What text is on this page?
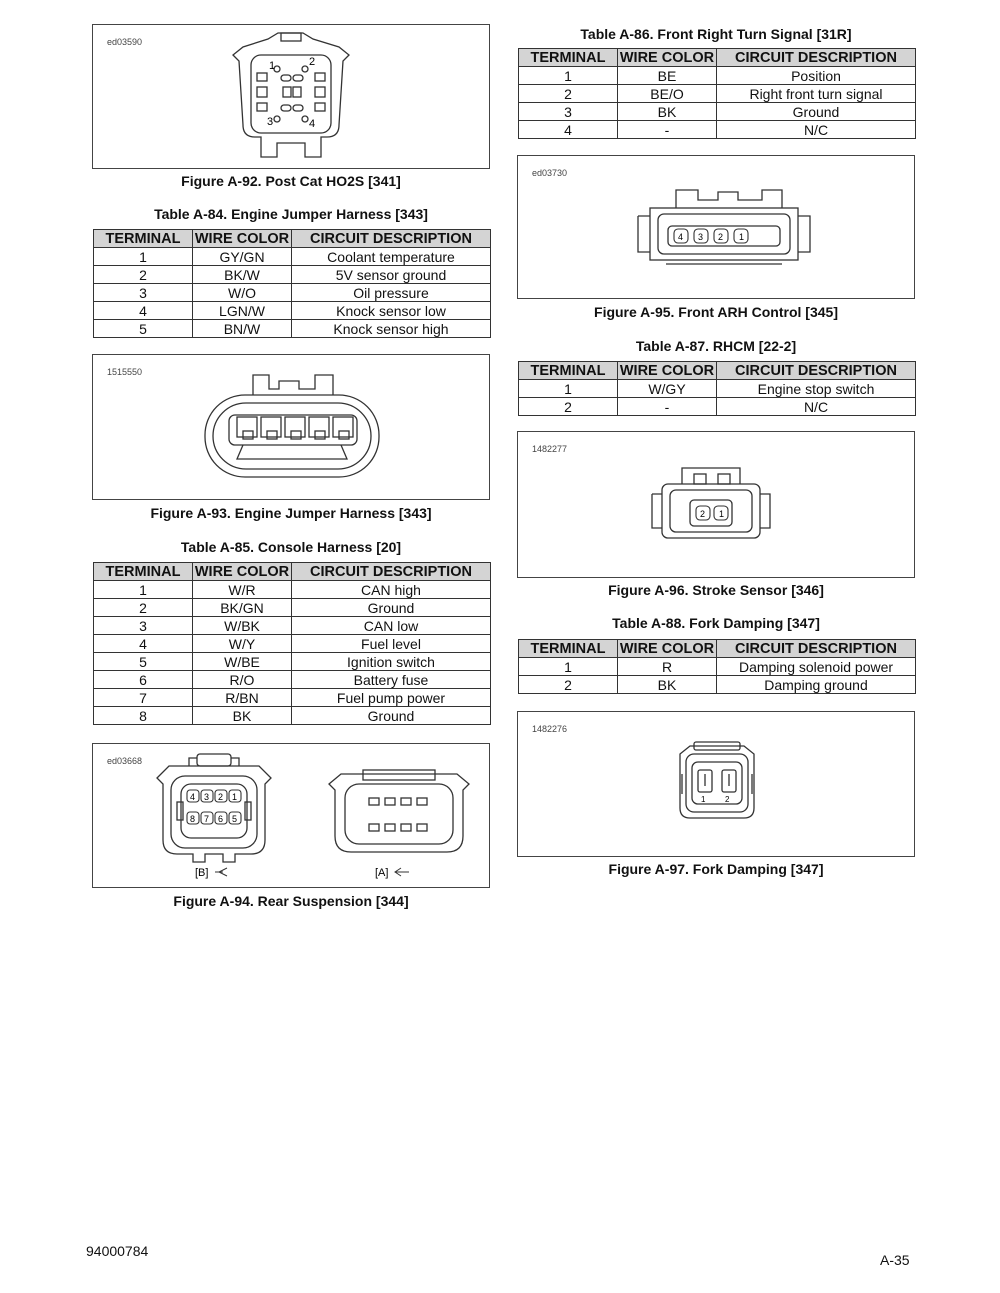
ed03590
1	2
3	4
Figure A-92. Post Cat HO2S [341]
Table A-84. Engine Jumper Harness [343]
TERMINAL	WIRE COLOR	CIRCUIT DESCRIPTION
1	GY/GN	Coolant temperature
2	BK/W	5V sensor ground
3	W/O	Oil pressure
4	LGN/W	Knock sensor low
5	BN/W	Knock sensor high
1515550
Figure A-93. Engine Jumper Harness [343]
Table A-85. Console Harness [20]
TERMINAL	WIRE COLOR	CIRCUIT DESCRIPTION
1	W/R	CAN high
2	BK/GN	Ground
3	W/BK	CAN low
4	W/Y	Fuel level
5	W/BE	Ignition switch
6	R/O	Battery fuse
7	R/BN	Fuel pump power
8	BK	Ground
ed03668
4 3 2 1
8 7 6 5
[B]	[A]
Figure A-94. Rear Suspension [344]
Table A-86. Front Right Turn Signal [31R]
TERMINAL	WIRE COLOR	CIRCUIT DESCRIPTION
1	BE	Position
2	BE/O	Right front turn signal
3	BK	Ground
4	-	N/C
ed03730
4 3 2 1
Figure A-95. Front ARH Control [345]
Table A-87. RHCM [22-2]
TERMINAL	WIRE COLOR	CIRCUIT DESCRIPTION
1	W/GY	Engine stop switch
2	-	N/C
1482277
2 1
Figure A-96. Stroke Sensor [346]
Table A-88. Fork Damping [347]
TERMINAL	WIRE COLOR	CIRCUIT DESCRIPTION
1	R	Damping solenoid power
2	BK	Damping ground
1482276
1 2
Figure A-97. Fork Damping [347]
94000784
A-35
